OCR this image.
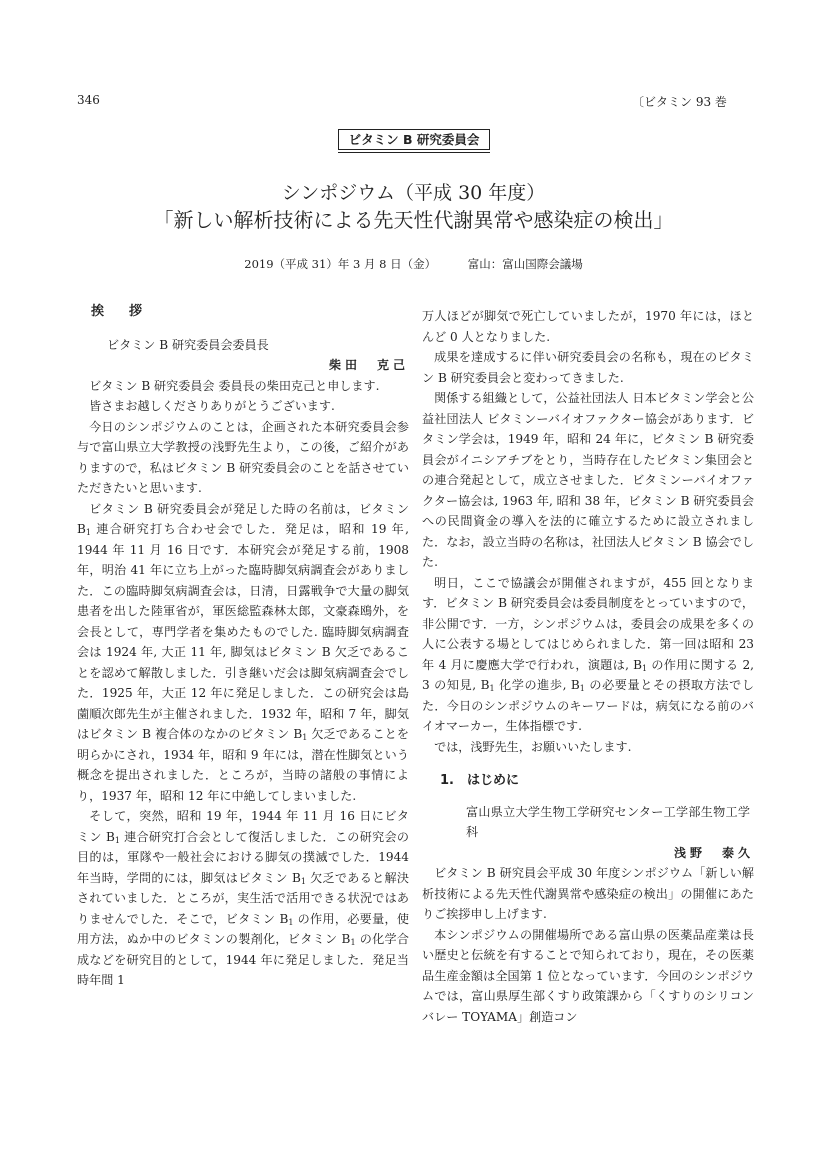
346	〔ビタミン 93 巻
ビタミン B 研究委員会
シンポジウム（平成 30 年度）
「新しい解析技術による先天性代謝異常や感染症の検出」
2019（平成 31）年 3 月 8 日（金）	富山：富山国際会議場
挨　拶

ビタミン B 研究委員会委員長

柴田　克己

ビタミン B 研究委員会 委員長の柴田克己と申します.

皆さまお越しくださりありがとうございます.

今日のシンポジウムのことは，企画された本研究委員会参与で富山県立大学教授の浅野先生より，この後，ご紹介がありますので，私はビタミン B 研究委員会のことを話させていただきたいと思います.

ビタミン B 研究委員会が発足した時の名前は，ビタミン $B_1$ 連合研究打ち合わせ会でした．発足は，昭和 19 年, 1944 年 11 月 16 日です．本研究会が発足する前，1908 年，明治 41 年に立ち上がった臨時脚気病調査会がありました．この臨時脚気病調査会は，日清，日露戦争で大量の脚気患者を出した陸軍省が，軍医総監森林太郎，文豪森鴎外，を会長として，専門学者を集めたものでした. 臨時脚気病調査会は 1924 年, 大正 11 年, 脚気はビタミン B 欠乏であることを認めて解散しました．引き継いだ会は脚気病調査会でした．1925 年，大正 12 年に発足しました．この研究会は島薗順次郎先生が主催されました．1932 年，昭和 7 年，脚気はビタミン B 複合体のなかのビタミン $B_1$ 欠乏であることを明らかにされ，1934 年，昭和 9 年には，潜在性脚気という概念を提出されました．ところが，当時の諸般の事情により，1937 年，昭和 12 年に中絶してしまいました.

そして，突然，昭和 19 年，1944 年 11 月 16 日にビタミン $B_1$ 連合研究打合会として復活しました．この研究会の目的は，軍隊や一般社会における脚気の撲滅でした．1944 年当時，学問的には，脚気はビタミン $B_1$ 欠乏であると解決されていました．ところが，実生活で活用できる状況ではありませんでした．そこで，ビタミン $B_1$ の作用，必要量，使用方法，ぬか中のビタミンの製剤化，ビタミン $B_1$ の化学合成などを研究目的として，1944 年に発足しました．発足当時年間 1

万人ほどが脚気で死亡していましたが，1970 年には，ほとんど 0 人となりました.

成果を達成するに伴い研究委員会の名称も，現在のビタミン B 研究委員会と変わってきました.

関係する組織として，公益社団法人 日本ビタミン学会と公益社団法人 ビタミンーバイオファクター協会があります．ビタミン学会は，1949 年，昭和 24 年に，ビタミン B 研究委員会がイニシアチブをとり，当時存在したビタミン集団会との連合発起として，成立させました．ビタミンーバイオファクター協会は, 1963 年, 昭和 38 年，ビタミン B 研究委員会への民間資金の導入を法的に確立するために設立されました．なお，設立当時の名称は，社団法人ビタミン B 協会でした.

明日，ここで協議会が開催されますが，455 回となります．ビタミン B 研究委員会は委員制度をとっていますので，非公開です．一方，シンポジウムは，委員会の成果を多くの人に公表する場としてはじめられました．第一回は昭和 23 年 4 月に慶應大学で行われ，演題は, $B_1$ の作用に関する 2, 3 の知見, $B_1$ 化学の進歩, $B_1$ の必要量とその摂取方法でした．今日のシンポジウムのキーワードは，病気になる前のバイオマーカー，生体指標です.

では，浅野先生，お願いいたします.

1.　はじめに

富山県立大学生物工学研究センター工学部生物工学科

浅野　泰久

ビタミン B 研究員会平成 30 年度シンポジウム「新しい解析技術による先天性代謝異常や感染症の検出」の開催にあたりご挨拶申し上げます.

本シンポジウムの開催場所である富山県の医薬品産業は長い歴史と伝統を有することで知られており，現在，その医薬品生産金額は全国第 1 位となっています．今回のシンポジウムでは，富山県厚生部くすり政策課から「くすりのシリコンバレー TOYAMA」創造コン
